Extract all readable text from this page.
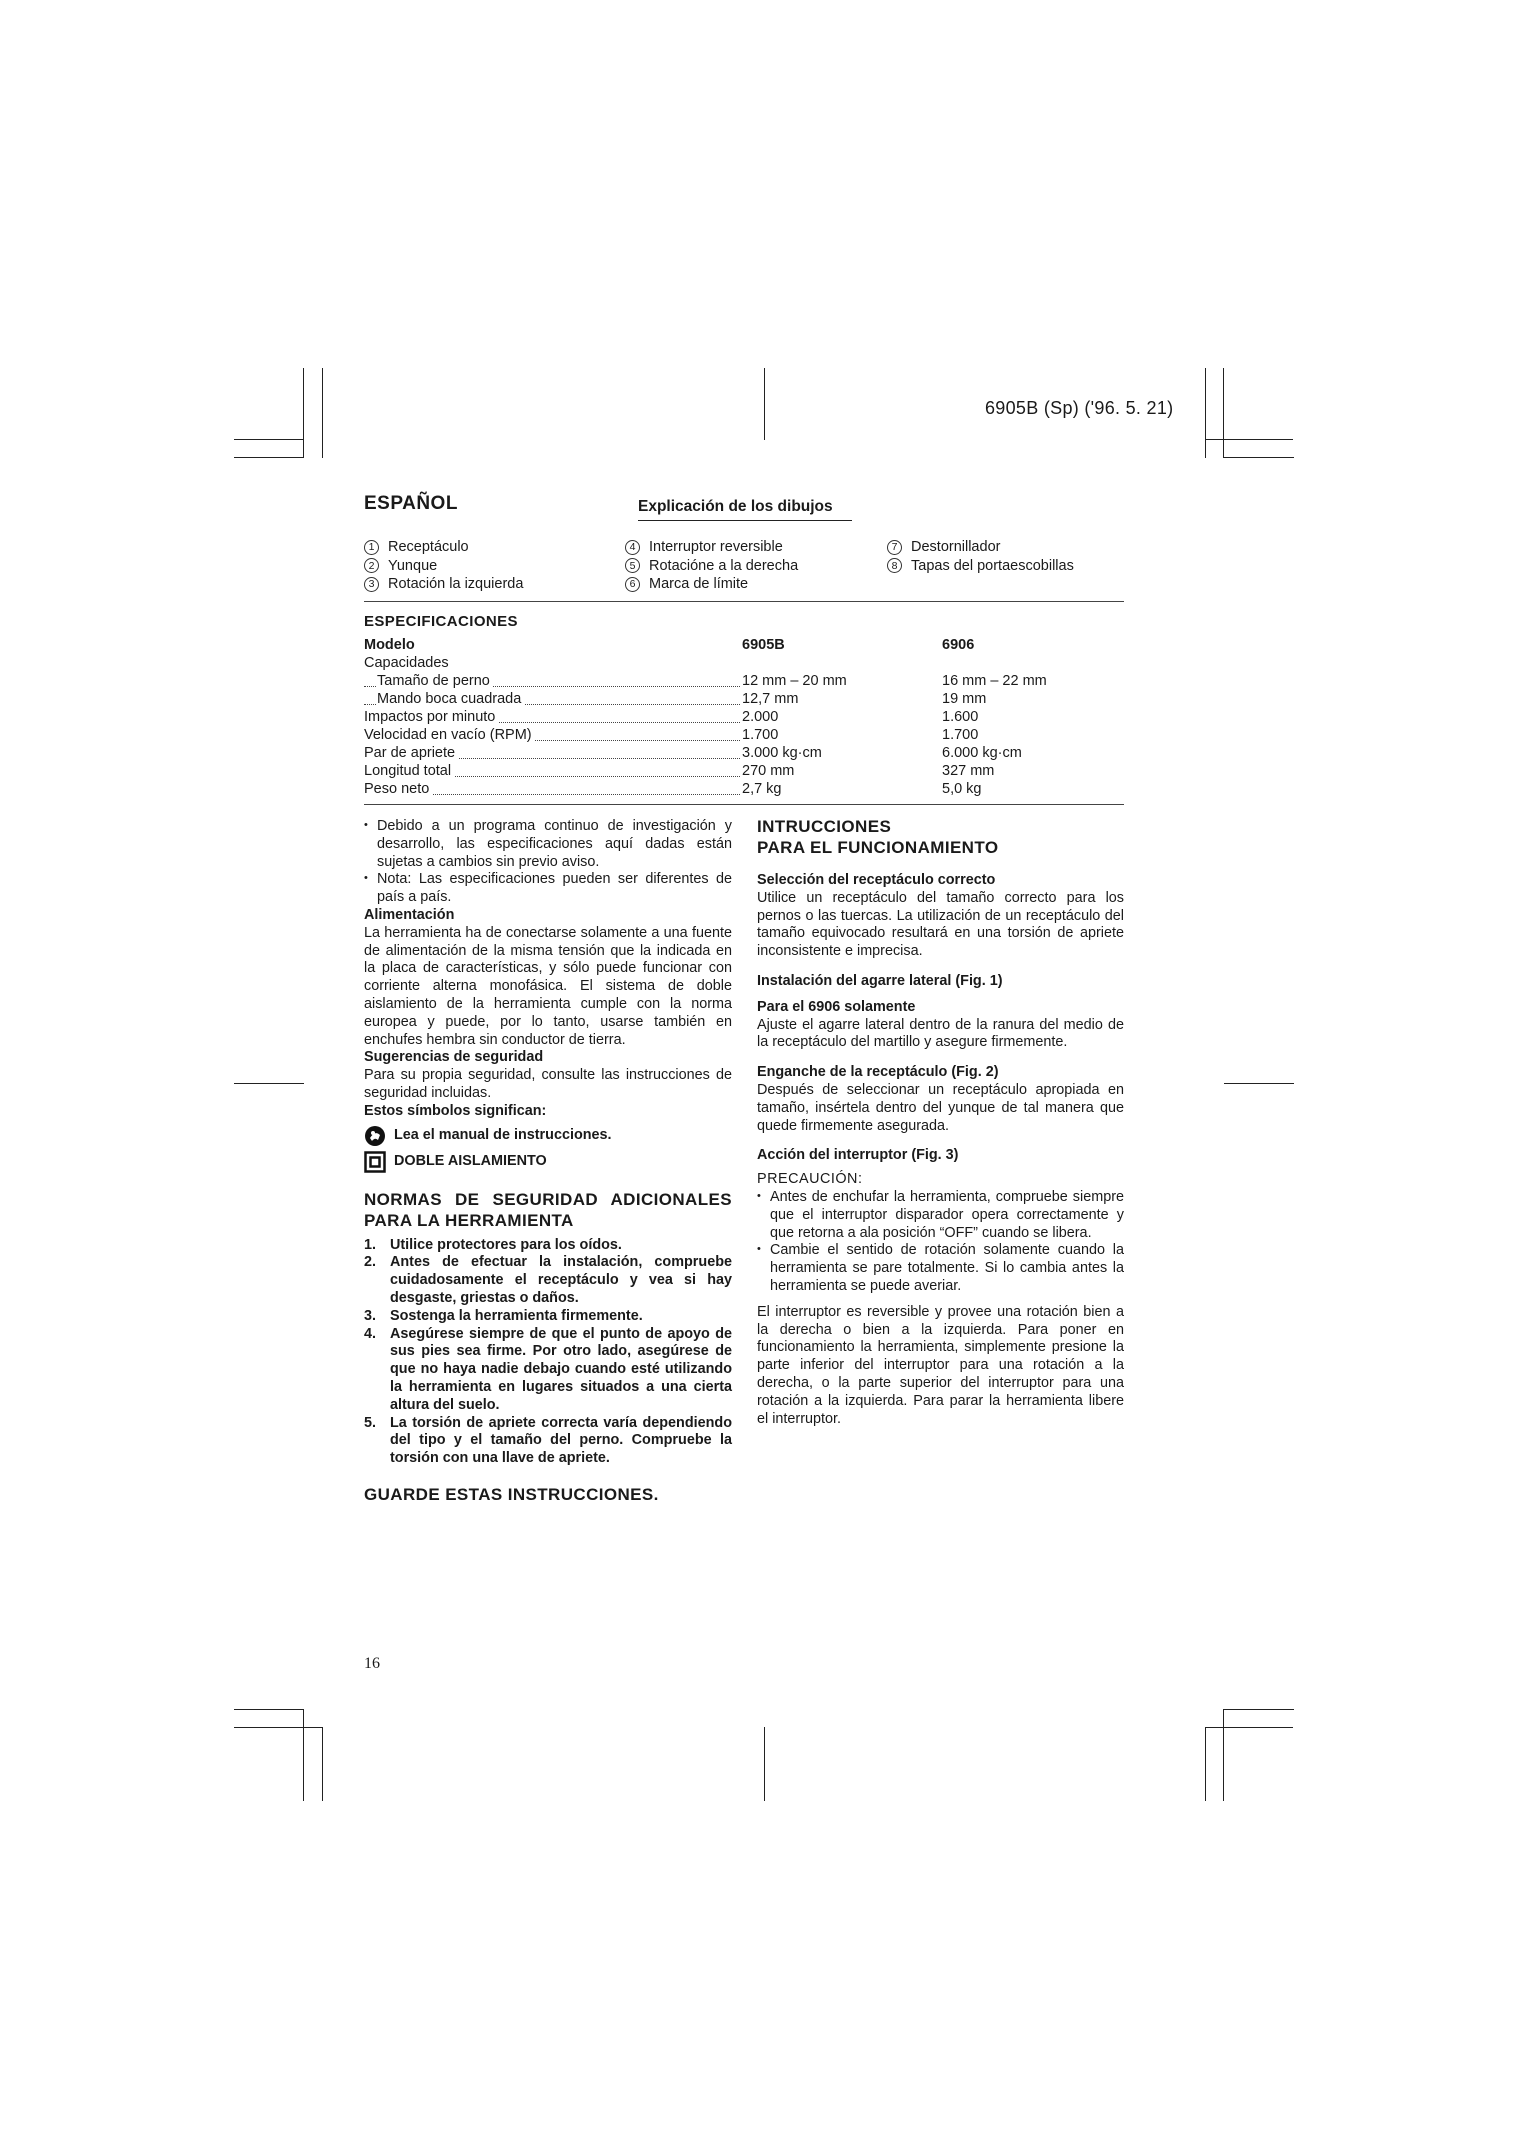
6905B (Sp) ('96. 5. 21)
ESPAÑOL	Explicación de los dibujos
1 Receptáculo
2 Yunque
3 Rotación la izquierda
4 Interruptor reversible
5 Rotacióne a la derecha
6 Marca de límite
7 Destornillador
8 Tapas del portaescobillas
ESPECIFICACIONES
Modelo	6905B	6906
Capacidades
Tamaño de perno	12 mm – 20 mm	16 mm – 22 mm
Mando boca cuadrada	12,7 mm	19 mm
Impactos por minuto	2.000	1.600
Velocidad en vacío (RPM)	1.700	1.700
Par de apriete	3.000 kg·cm	6.000 kg·cm
Longitud total	270 mm	327 mm
Peso neto	2,7 kg	5,0 kg

• Debido a un programa continuo de investigación y desarrollo, las especificaciones aquí dadas están sujetas a cambios sin previo aviso.

• Nota: Las especificaciones pueden ser diferentes de país a país.

Alimentación

La herramienta ha de conectarse solamente a una fuente de alimentación de la misma tensión que la indicada en la placa de características, y sólo puede funcionar con corriente alterna monofásica. El sistema de doble aislamiento de la herramienta cumple con la norma europea y puede, por lo tanto, usarse también en enchufes hembra sin conductor de tierra.

Sugerencias de seguridad

Para su propia seguridad, consulte las instrucciones de seguridad incluidas.

Estos símbolos significan:

Lea el manual de instrucciones.
DOBLE AISLAMIENTO

NORMAS DE SEGURIDAD ADICIONALES PARA LA HERRAMIENTA

1. Utilice protectores para los oídos.
2. Antes de efectuar la instalación, compruebe cuidadosamente el receptáculo y vea si hay desgaste, griestas o daños.
3. Sostenga la herramienta firmemente.
4. Asegúrese siempre de que el punto de apoyo de sus pies sea firme. Por otro lado, asegúrese de que no haya nadie debajo cuando esté utilizando la herramienta en lugares situados a una cierta altura del suelo.
5. La torsión de apriete correcta varía dependiendo del tipo y el tamaño del perno. Compruebe la torsión con una llave de apriete.

GUARDE ESTAS INSTRUCCIONES.

INTRUCCIONES

PARA EL FUNCIONAMIENTO

Selección del receptáculo correcto

Utilice un receptáculo del tamaño correcto para los pernos o las tuercas. La utilización de un receptáculo del tamaño equivocado resultará en una torsión de apriete inconsistente e imprecisa.

Instalación del agarre lateral (Fig. 1)

Para el 6906 solamente

Ajuste el agarre lateral dentro de la ranura del medio de la receptáculo del martillo y asegure firmemente.

Enganche de la receptáculo (Fig. 2)

Después de seleccionar un receptáculo apropiada en tamaño, insértela dentro del yunque de tal manera que quede firmemente asegurada.

Acción del interruptor (Fig. 3)

PRECAUCIÓN:

• Antes de enchufar la herramienta, compruebe siempre que el interruptor disparador opera correctamente y que retorna a ala posición “OFF” cuando se libera.

• Cambie el sentido de rotación solamente cuando la herramienta se pare totalmente. Si lo cambia antes la herramienta se puede averiar.

El interruptor es reversible y provee una rotación bien a la derecha o bien a la izquierda. Para poner en funcionamiento la herramienta, simplemente presione la parte inferior del interruptor para una rotación a la derecha, o la parte superior del interruptor para una rotación a la izquierda. Para parar la herramienta libere el interruptor.

16
